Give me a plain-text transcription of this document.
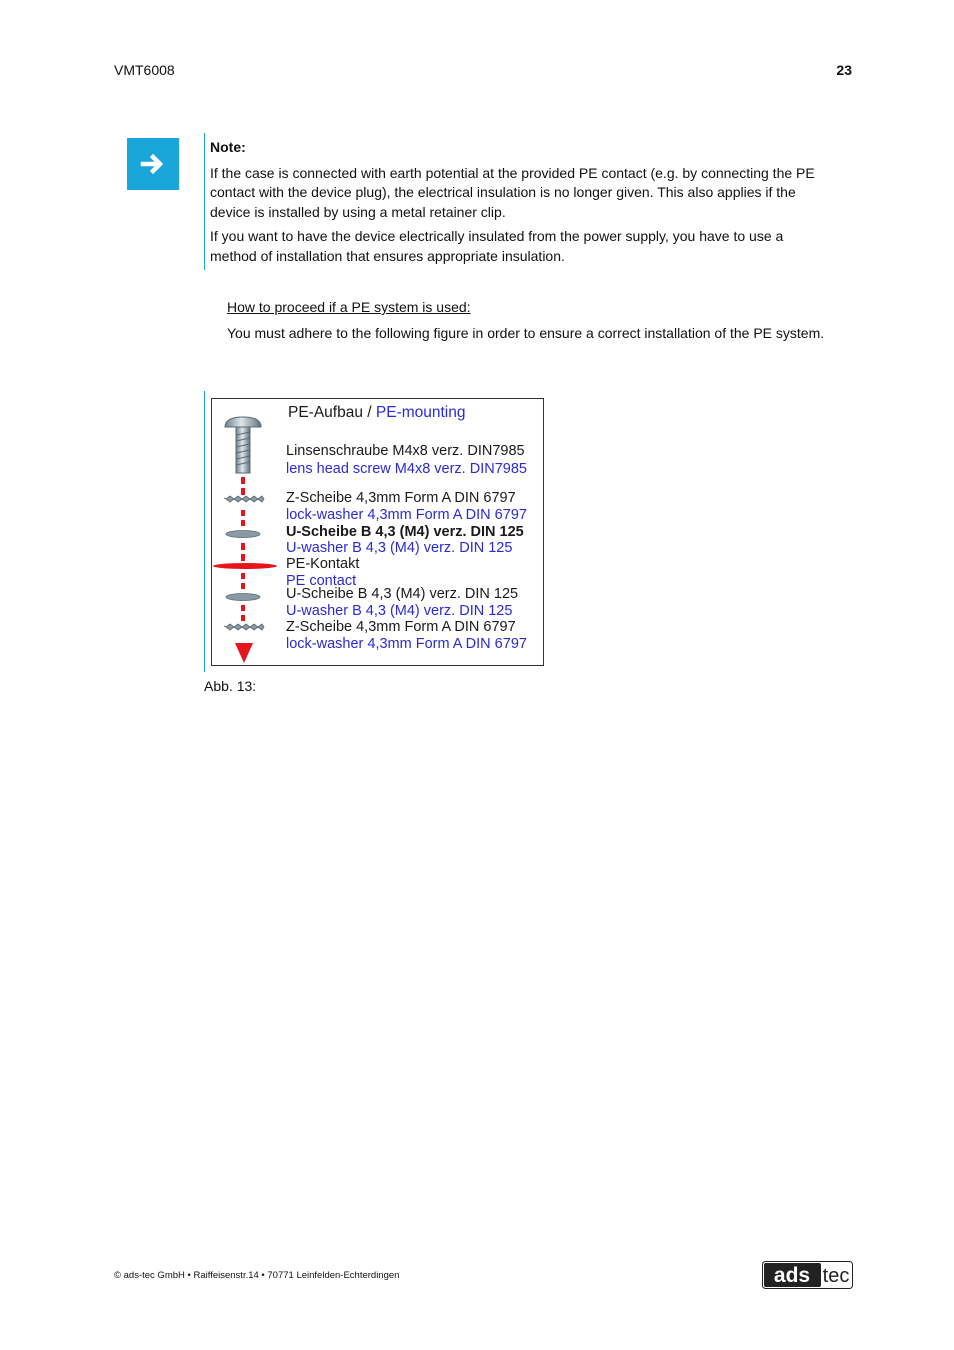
VMT6008	23
Note:

If the case is connected with earth potential at the provided PE contact (e.g. by connecting the PE contact with the device plug), the electrical insulation is no longer given. This also applies if the device is installed by using a metal retainer clip.

If you want to have the device electrically insulated from the power supply, you have to use a method of installation that ensures appropriate insulation.

How to proceed if a PE system is used:
You must adhere to the following figure in order to ensure a correct installation of the PE system.
PE-Aufbau / PE-mounting
Linsenschraube M4x8 verz. DIN7985
lens head screw M4x8 verz. DIN7985
Z-Scheibe 4,3mm Form A DIN 6797
lock-washer 4,3mm Form A DIN 6797
U-Scheibe B 4,3 (M4) verz. DIN 125
U-washer B 4,3 (M4) verz. DIN 125
PE-Kontakt
PE contact
U-Scheibe B 4,3 (M4) verz. DIN 125
U-washer B 4,3 (M4) verz. DIN 125
Z-Scheibe 4,3mm Form A DIN 6797
lock-washer 4,3mm Form A DIN 6797
Abb. 13:
© ads-tec GmbH • Raiffeisenstr.14 • 70771 Leinfelden-Echterdingen	ads tec
